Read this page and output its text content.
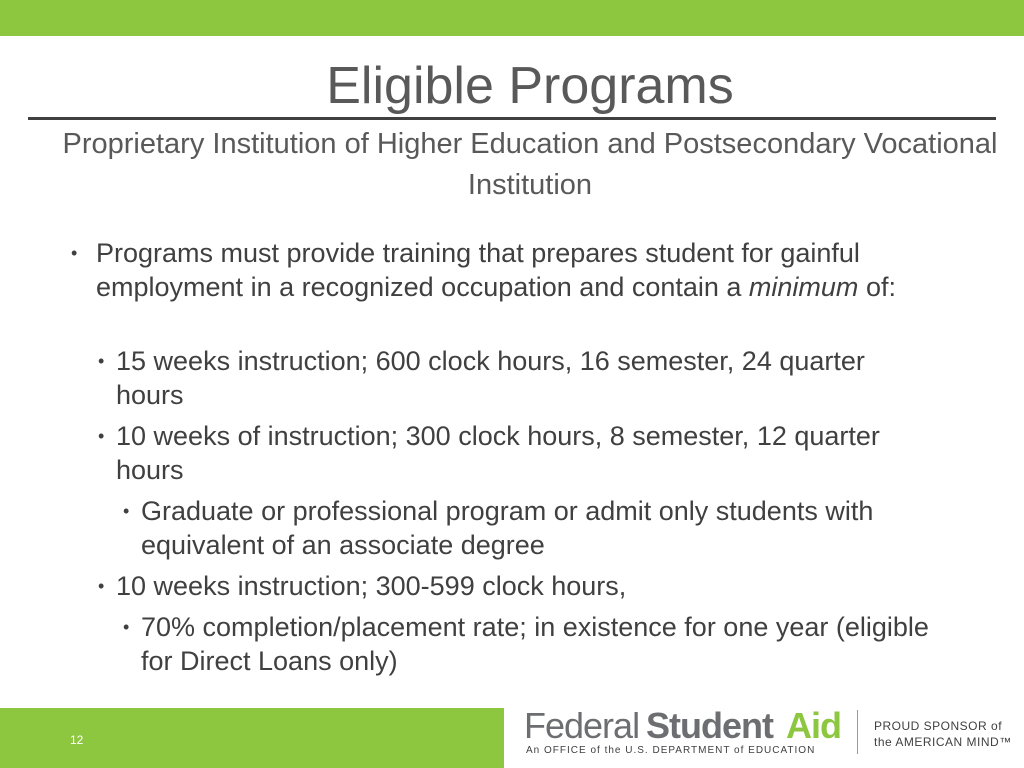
Eligible Programs
Proprietary Institution of Higher Education and Postsecondary Vocational Institution
• Programs must provide training that prepares student for gainful employment in a recognized occupation and contain a minimum of:
• 15 weeks instruction; 600 clock hours, 16 semester, 24 quarter hours
• 10 weeks of instruction; 300 clock hours, 8 semester, 12 quarter hours
• Graduate or professional program or admit only students with equivalent of an associate degree
• 10 weeks instruction; 300-599 clock hours,
• 70% completion/placement rate; in existence for one year (eligible for Direct Loans only)
12	Federal Student Aid
An OFFICE of the U.S. DEPARTMENT of EDUCATION
PROUD SPONSOR of
the AMERICAN MIND™
